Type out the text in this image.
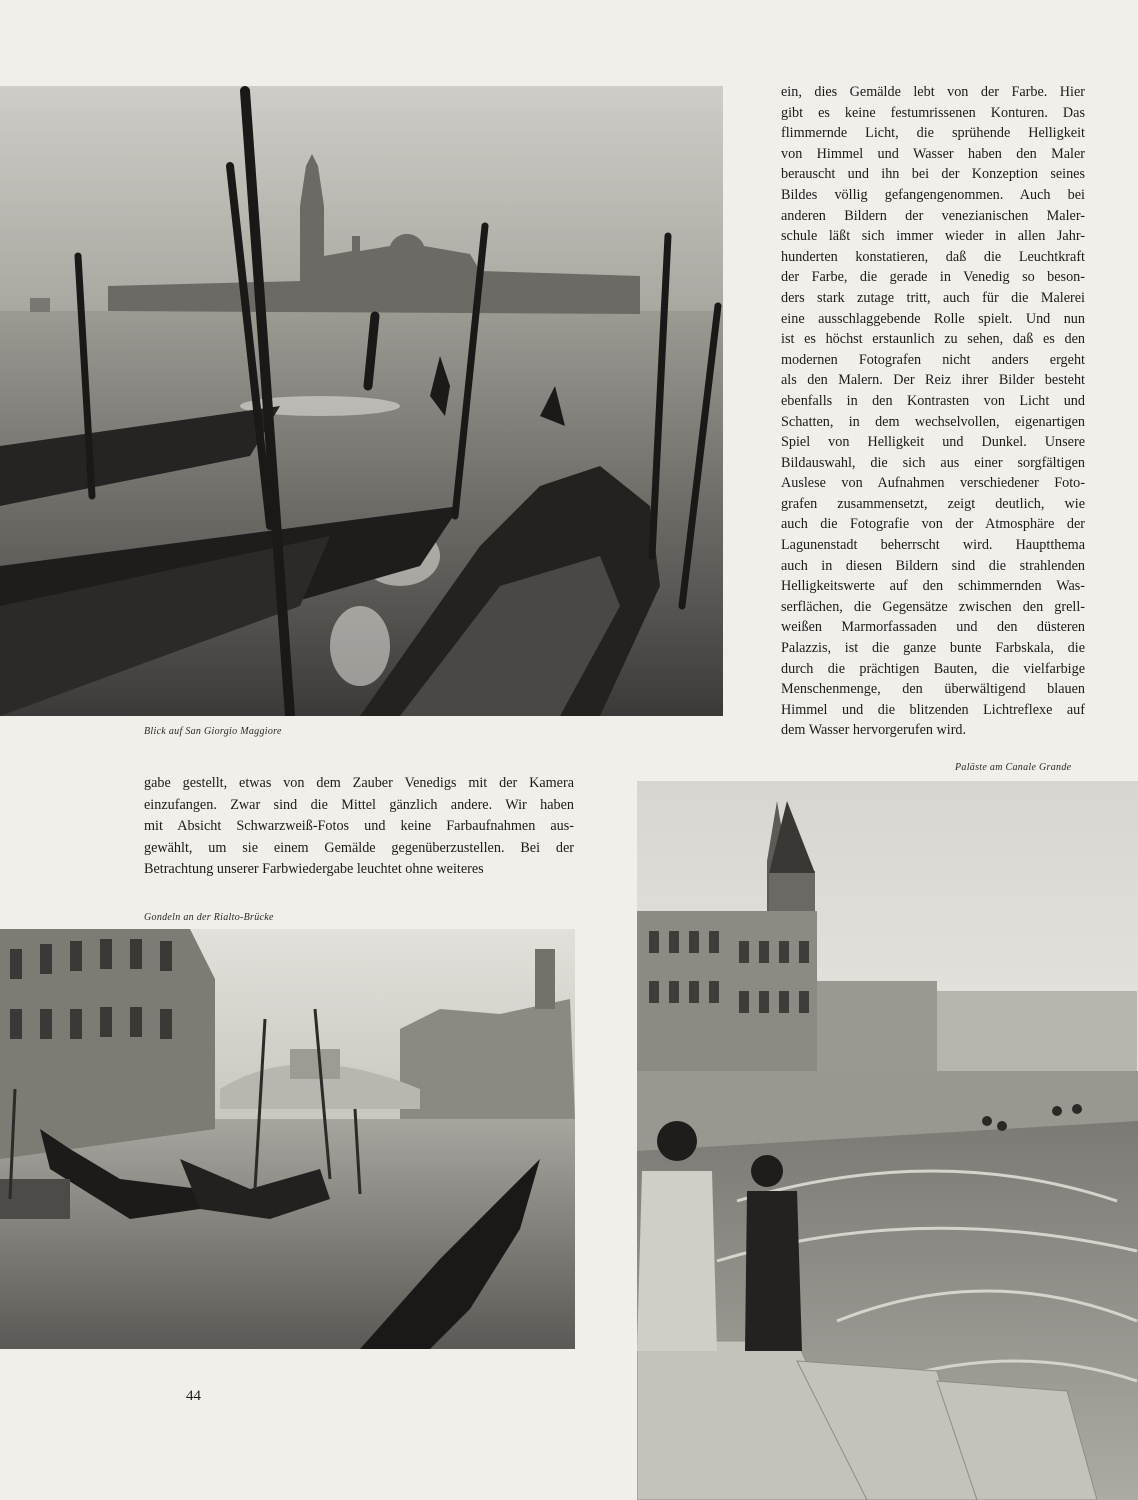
Blick auf San Giorgio Maggiore
ein, dies Gemälde lebt von der Farbe. Hier
gibt es keine festumrissenen Konturen. Das
flimmernde Licht, die sprühende Helligkeit
von Himmel und Wasser haben den Maler
berauscht und ihn bei der Konzeption seines
Bildes völlig gefangengenommen. Auch bei
anderen Bildern der venezianischen Maler-
schule läßt sich immer wieder in allen Jahr-
hunderten konstatieren, daß die Leuchtkraft
der Farbe, die gerade in Venedig so beson-
ders stark zutage tritt, auch für die Malerei
eine ausschlaggebende Rolle spielt. Und nun
ist es höchst erstaunlich zu sehen, daß es den
modernen Fotografen nicht anders ergeht
als den Malern. Der Reiz ihrer Bilder besteht
ebenfalls in den Kontrasten von Licht und
Schatten, in dem wechselvollen, eigenartigen
Spiel von Helligkeit und Dunkel. Unsere
Bildauswahl, die sich aus einer sorgfältigen
Auslese von Aufnahmen verschiedener Foto-
grafen zusammensetzt, zeigt deutlich, wie
auch die Fotografie von der Atmosphäre der
Lagunenstadt beherrscht wird. Hauptthema
auch in diesen Bildern sind die strahlenden
Helligkeitswerte auf den schimmernden Was-
serflächen, die Gegensätze zwischen den grell-
weißen Marmorfassaden und den düsteren
Palazzis, ist die ganze bunte Farbskala, die
durch die prächtigen Bauten, die vielfarbige
Menschenmenge, den überwältigend blauen
Himmel und die blitzenden Lichtreflexe auf
dem Wasser hervorgerufen wird.
Paläste am Canale Grande
gabe gestellt, etwas von dem Zauber Venedigs mit der Kamera
einzufangen. Zwar sind die Mittel gänzlich andere. Wir haben
mit Absicht Schwarzweiß-Fotos und keine Farbaufnahmen aus-
gewählt, um sie einem Gemälde gegenüberzustellen. Bei der
Betrachtung unserer Farbwiedergabe leuchtet ohne weiteres
Gondeln an der Rialto-Brücke
44
